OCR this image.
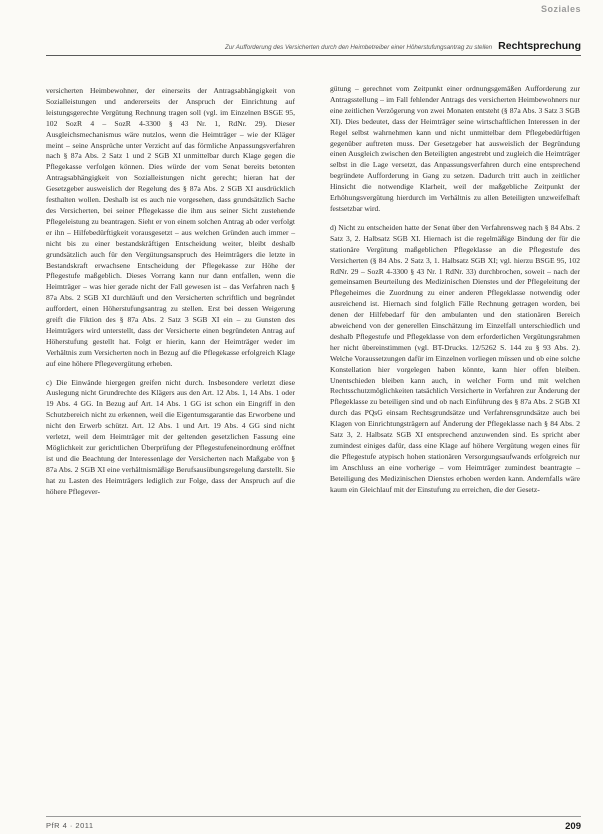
Soziales
Zur Aufforderung des Versicherten durch den Heimbetreiber einer Höherstufungsantrag zu stellen Rechtsprechung

versicherten Heimbewohner, der einerseits der Antragsabhängigkeit von Sozialleistungen und andererseits der Anspruch der Einrichtung auf leistungsgerechte Vergütung Rechnung tragen soll (vgl. im Einzelnen BSGE 95, 102 SozR 4 – SozR 4-3300 § 43 Nr. 1, RdNr. 29). Dieser Ausgleichsmechanismus wäre nutzlos, wenn die Heimträger – wie der Kläger meint – seine Ansprüche unter Verzicht auf das förmliche Anpassungsverfahren nach § 87a Abs. 2 Satz 1 und 2 SGB XI unmittelbar durch Klage gegen die Pflegekasse verfolgen können. Dies würde der vom Senat bereits betonten Antragsabhängigkeit von Sozialleistungen nicht gerecht; hieran hat der Gesetzgeber ausweislich der Regelung des § 87a Abs. 2 SGB XI ausdrücklich festhalten wollen. Deshalb ist es auch nie vorgesehen, dass grundsätzlich Sache des Versicherten, bei seiner Pflegekasse die ihm aus seiner Sicht zustehende Pflegeleistung zu beantragen. Sieht er von einem solchen Antrag ab oder verfolgt er ihn – Hilfebedürftigkeit vorausgesetzt – aus welchen Gründen auch immer – nicht bis zu einer bestandskräftigen Entscheidung weiter, bleibt deshalb grundsätzlich auch für den Vergütungsanspruch des Heimträgers die letzte in Bestandskraft erwachsene Entscheidung der Pflegekasse zur Höhe der Pflegestufe maßgeblich. Dieses Vorrang kann nur dann entfallen, wenn die Heimträger – was hier gerade nicht der Fall gewesen ist – das Verfahren nach § 87a Abs. 2 SGB XI durchläuft und den Versicherten schriftlich und begründet auffordert, einen Höherstufungsantrag zu stellen. Erst bei dessen Weigerung greift die Fiktion des § 87a Abs. 2 Satz 3 SGB XI ein – zu Gunsten des Heimträgers wird unterstellt, dass der Versicherte einen begründeten Antrag auf Höherstufung gestellt hat. Folgt er hierin, kann der Heimträger weder im Verhältnis zum Versicherten noch in Bezug auf die Pflegekasse erfolgreich Klage auf eine höhere Pflegevergütung erheben.

c) Die Einwände hiergegen greifen nicht durch. Insbesondere verletzt diese Auslegung nicht Grundrechte des Klägers aus den Art. 12 Abs. 1, 14 Abs. 1 oder 19 Abs. 4 GG. In Bezug auf Art. 14 Abs. 1 GG ist schon ein Eingriff in den Schutzbereich nicht zu erkennen, weil die Eigentumsgarantie das Erworbene und nicht den Erwerb schützt. Art. 12 Abs. 1 und Art. 19 Abs. 4 GG sind nicht verletzt, weil dem Heimträger mit der geltenden gesetzlichen Fassung eine Möglichkeit zur gerichtlichen Überprüfung der Pflegestufeneinordnung eröffnet ist und die Beachtung der Interessenlage der Versicherten nach Maßgabe von § 87a Abs. 2 SGB XI eine verhältnismäßige Berufsausübungsregelung darstellt. Sie hat zu Lasten des Heimträgers lediglich zur Folge, dass der Anspruch auf die höhere Pflegever-

gütung – gerechnet vom Zeitpunkt einer ordnungsgemäßen Aufforderung zur Antragsstellung – im Fall fehlender Antrags des versicherten Heimbewohners nur eine zeitlichen Verzögerung von zwei Monaten entsteht (§ 87a Abs. 3 Satz 3 SGB XI). Dies bedeutet, dass der Heimträger seine wirtschaftlichen Interessen in der Regel selbst wahrnehmen kann und nicht unmittelbar dem Pflegebedürftigen gegenüber auftreten muss. Der Gesetzgeber hat ausweislich der Begründung einen Ausgleich zwischen den Beteiligten angestrebt und zugleich die Heimträger selbst in die Lage versetzt, das Anpassungsverfahren durch eine entsprechend begründete Aufforderung in Gang zu setzen. Dadurch tritt auch in zeitlicher Hinsicht die notwendige Klarheit, weil der maßgebliche Zeitpunkt der Erhöhungsvergütung hierdurch im Verhältnis zu allen Beteiligten unzweifelhaft festsetzbar wird.

d) Nicht zu entscheiden hatte der Senat über den Verfahrensweg nach § 84 Abs. 2 Satz 3, 2. Halbsatz SGB XI. Hiernach ist die regelmäßige Bindung der für die stationäre Vergütung maßgeblichen Pflegeklasse an die Pflegestufe des Versicherten (§ 84 Abs. 2 Satz 3, 1. Halbsatz SGB XI; vgl. hierzu BSGE 95, 102 RdNr. 29 – SozR 4-3300 § 43 Nr. 1 RdNr. 33) durchbrochen, soweit – nach der gemeinsamen Beurteilung des Medizinischen Dienstes und der Pflegeleitung der Pflegeheimes die Zuordnung zu einer anderen Pflegeklasse notwendig oder ausreichend ist. Hiernach sind folglich Fälle Rechnung getragen worden, bei denen der Hilfebedarf für den ambulanten und den stationären Bereich abweichend von der generellen Einschätzung im Einzelfall unterschiedlich und deshalb Pflegestufe und Pflegeklasse von dem erforderlichen Vergütungsrahmen her nicht übereinstimmen (vgl. BT-Drucks. 12/5262 S. 144 zu § 93 Abs. 2). Welche Voraussetzungen dafür im Einzelnen vorliegen müssen und ob eine solche Konstellation hier vorgelegen haben könnte, kann hier offen bleiben. Unentschieden bleiben kann auch, in welcher Form und mit welchen Rechtsschutzmöglichkeiten tatsächlich Versicherte in Verfahren zur Änderung der Pflegeklasse zu beteiligen sind und ob nach Einführung des § 87a Abs. 2 SGB XI durch das PQsG einsam Rechtsgrundsätze und Verfahrensgrundsätze auch bei Klagen von Einrichtungsträgern auf Änderung der Pflegeklasse nach § 84 Abs. 2 Satz 3, 2. Halbsatz SGB XI entsprechend anzuwenden sind. Es spricht aber zumindest einiges dafür, dass eine Klage auf höhere Vergütung wegen eines für die Pflegestufe atypisch hohen stationären Versorgungsaufwands erfolgreich nur im Anschluss an eine vorherige – vom Heimträger zumindest beantragte – Beteiligung des Medizinischen Dienstes erhoben werden kann. Andernfalls wäre kaum ein Gleichlauf mit der Einstufung zu erreichen, die der Gesetz-

PfR 4 · 2011	209
